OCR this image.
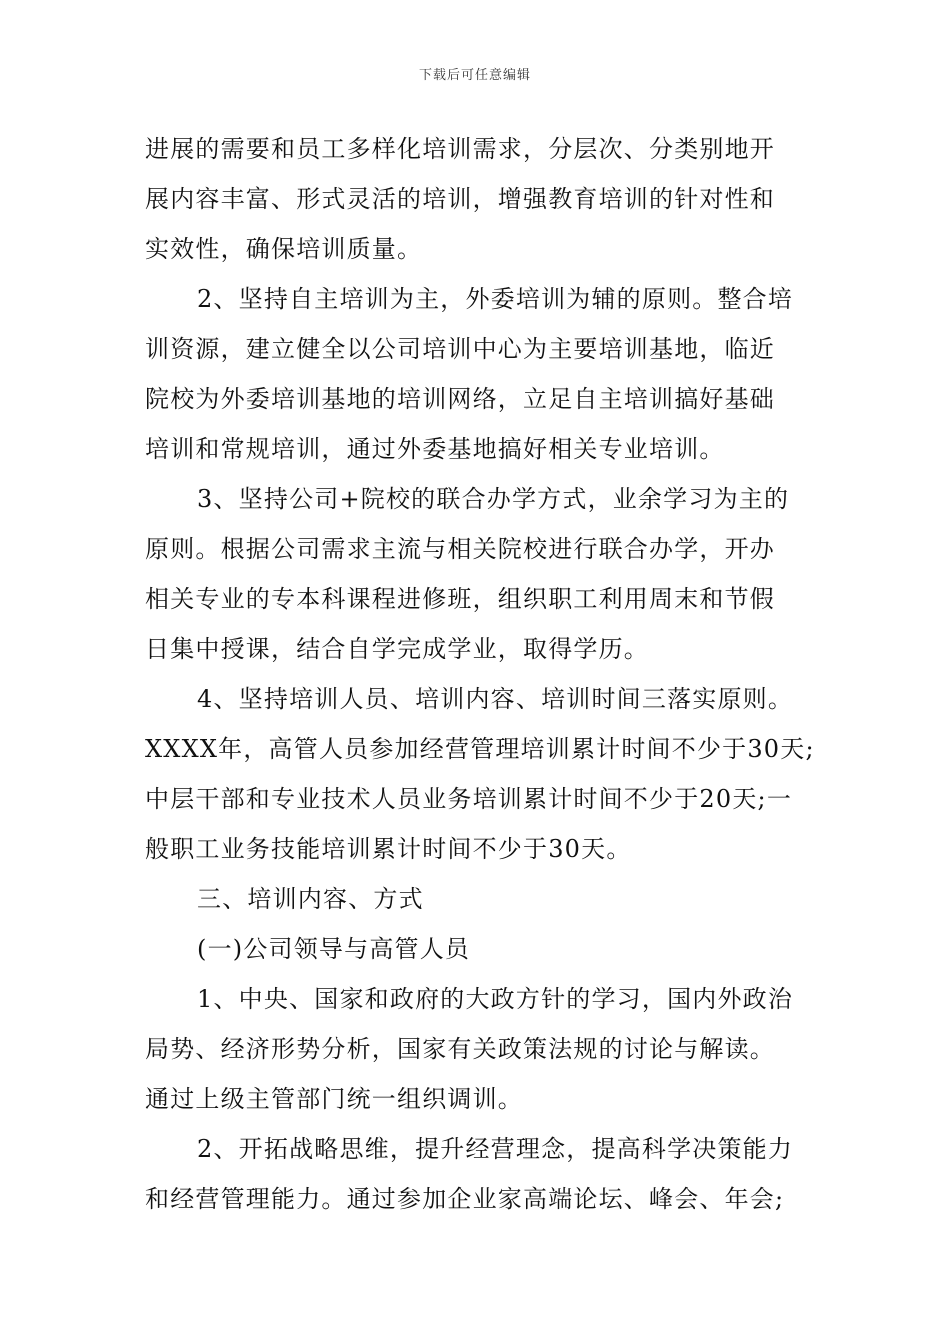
下载后可任意编辑
进展的需要和员工多样化培训需求，分层次、分类别地开
展内容丰富、形式灵活的培训，增强教育培训的针对性和
实效性，确保培训质量。
2、坚持自主培训为主，外委培训为辅的原则。整合培
训资源，建立健全以公司培训中心为主要培训基地，临近
院校为外委培训基地的培训网络，立足自主培训搞好基础
培训和常规培训，通过外委基地搞好相关专业培训。
3、坚持公司+院校的联合办学方式，业余学习为主的
原则。根据公司需求主流与相关院校进行联合办学，开办
相关专业的专本科课程进修班，组织职工利用周末和节假
日集中授课，结合自学完成学业，取得学历。
4、坚持培训人员、培训内容、培训时间三落实原则。
XXXX年，高管人员参加经营管理培训累计时间不少于30天;
中层干部和专业技术人员业务培训累计时间不少于20天;一
般职工业务技能培训累计时间不少于30天。
三、培训内容、方式
(一)公司领导与高管人员
1、中央、国家和政府的大政方针的学习，国内外政治
局势、经济形势分析，国家有关政策法规的讨论与解读。
通过上级主管部门统一组织调训。
2、开拓战略思维，提升经营理念，提高科学决策能力
和经营管理能力。通过参加企业家高端论坛、峰会、年会;
